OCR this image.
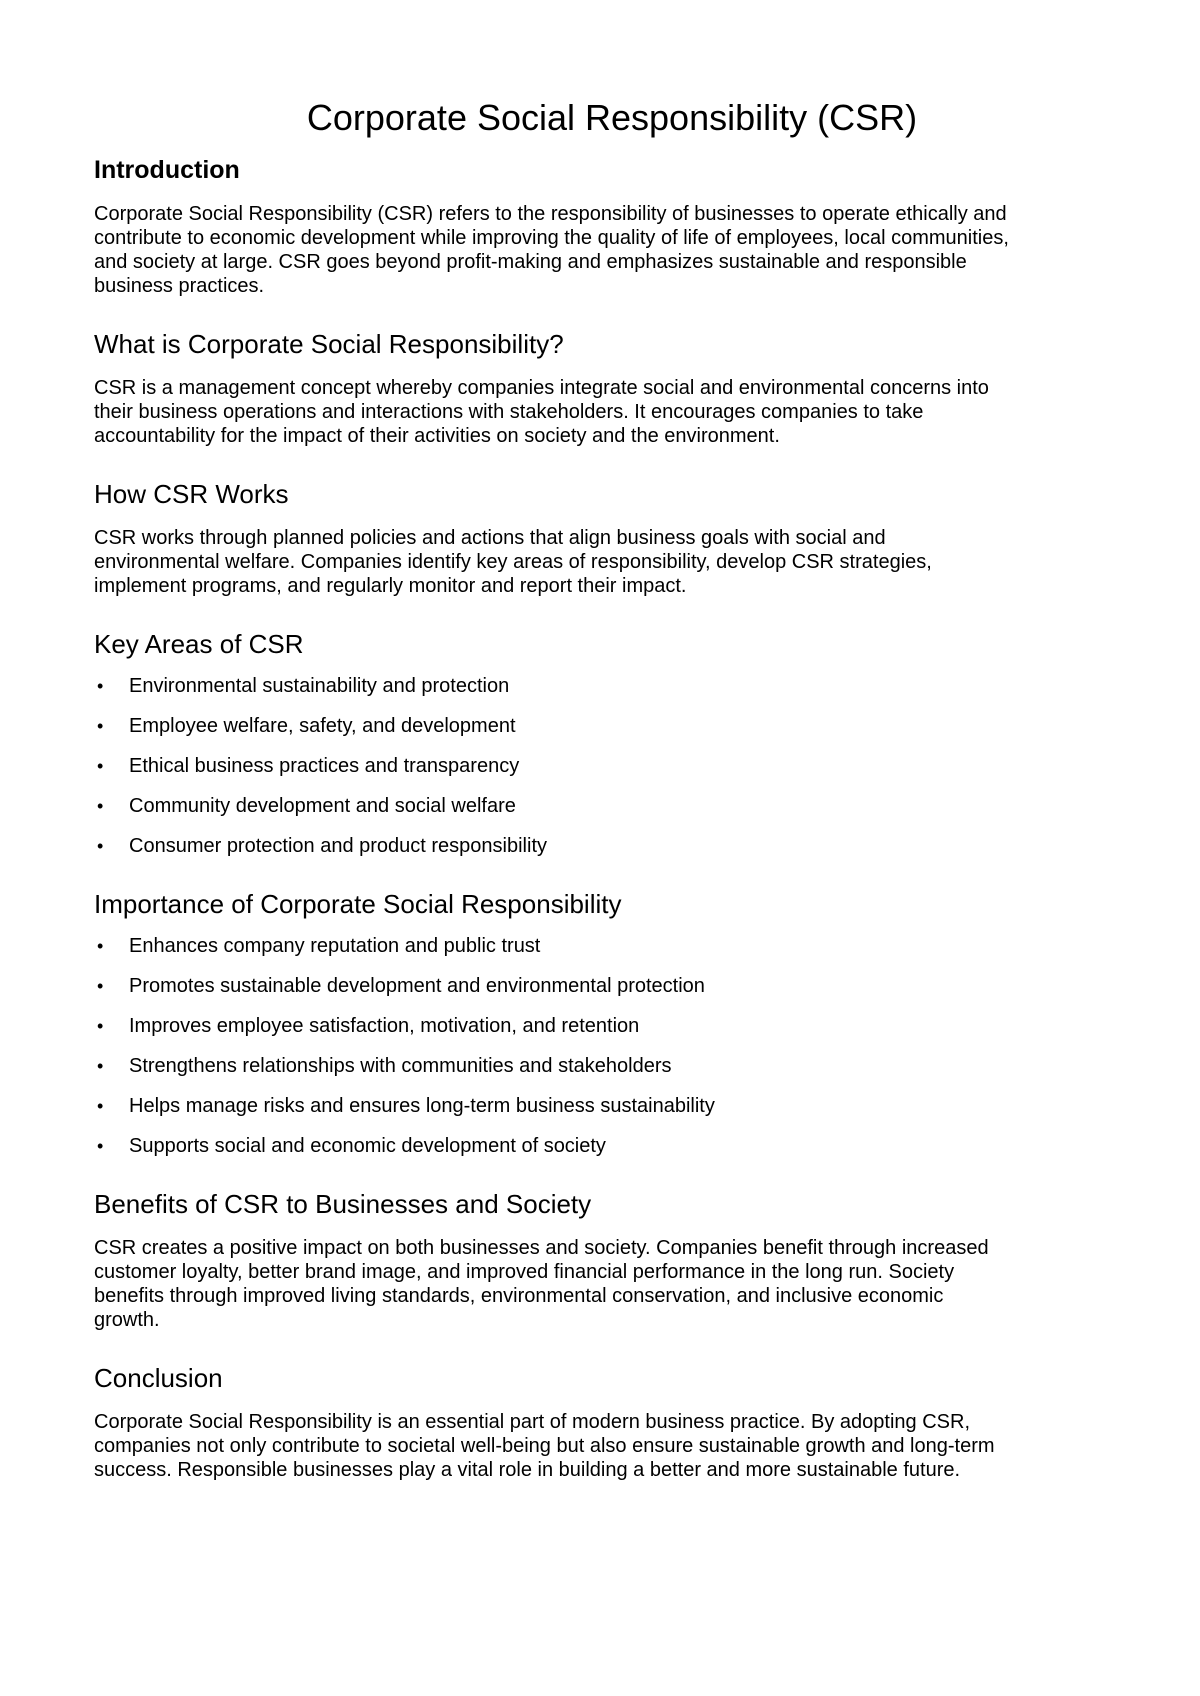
Corporate Social Responsibility (CSR)
Introduction

Corporate Social Responsibility (CSR) refers to the responsibility of businesses to operate ethically and
contribute to economic development while improving the quality of life of employees, local communities,
and society at large. CSR goes beyond profit-making and emphasizes sustainable and responsible
business practices.

What is Corporate Social Responsibility?

CSR is a management concept whereby companies integrate social and environmental concerns into
their business operations and interactions with stakeholders. It encourages companies to take
accountability for the impact of their activities on society and the environment.

How CSR Works

CSR works through planned policies and actions that align business goals with social and
environmental welfare. Companies identify key areas of responsibility, develop CSR strategies,
implement programs, and regularly monitor and report their impact.

Key Areas of CSR
• Environmental sustainability and protection
• Employee welfare, safety, and development
• Ethical business practices and transparency
• Community development and social welfare
• Consumer protection and product responsibility
Importance of Corporate Social Responsibility
• Enhances company reputation and public trust
• Promotes sustainable development and environmental protection
• Improves employee satisfaction, motivation, and retention
• Strengthens relationships with communities and stakeholders
• Helps manage risks and ensures long-term business sustainability
• Supports social and economic development of society
Benefits of CSR to Businesses and Society

CSR creates a positive impact on both businesses and society. Companies benefit through increased
customer loyalty, better brand image, and improved financial performance in the long run. Society
benefits through improved living standards, environmental conservation, and inclusive economic
growth.

Conclusion

Corporate Social Responsibility is an essential part of modern business practice. By adopting CSR,
companies not only contribute to societal well-being but also ensure sustainable growth and long-term
success. Responsible businesses play a vital role in building a better and more sustainable future.
